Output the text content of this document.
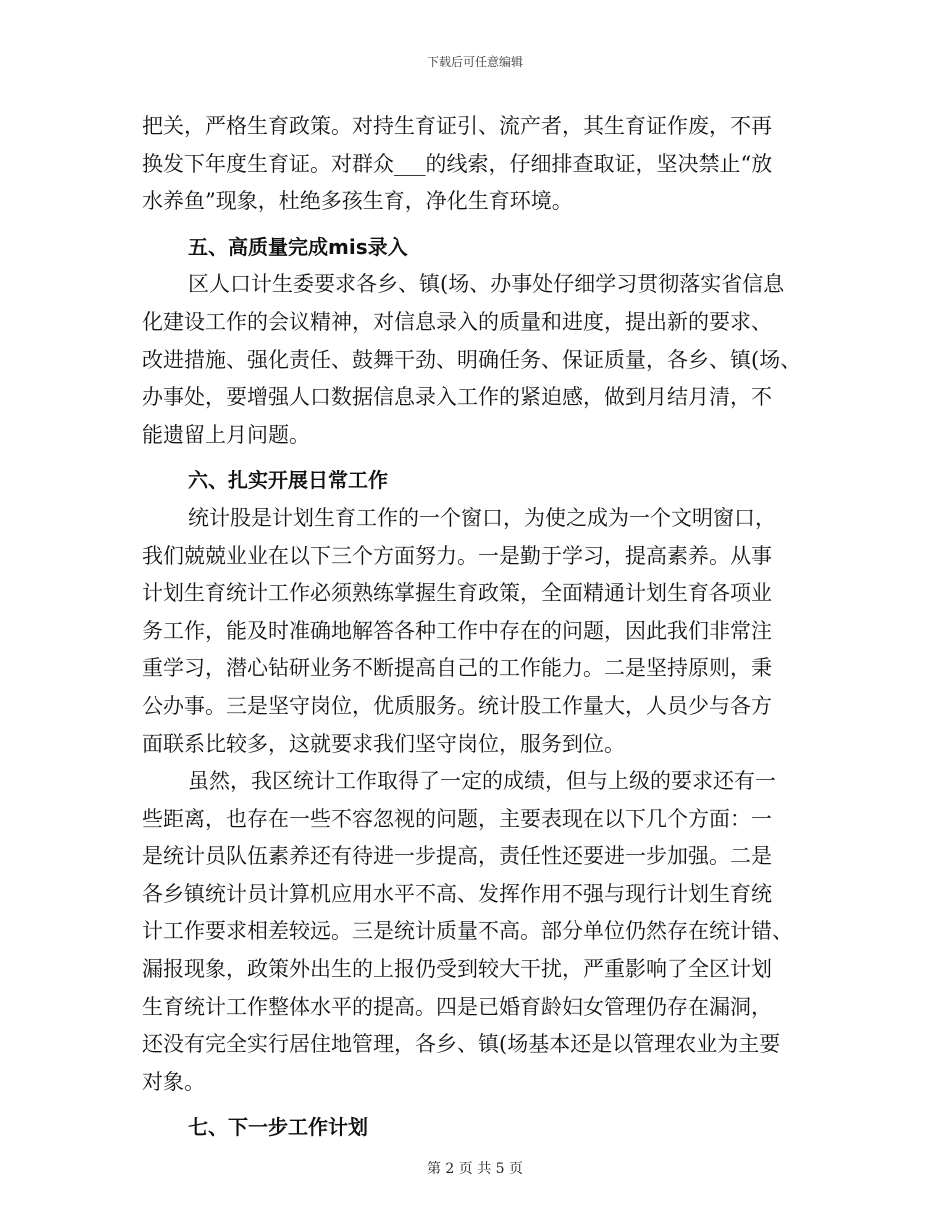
下载后可任意编辑
把关，严格生育政策。对持生育证引、流产者，其生育证作废，不再
换发下年度生育证。对群众___的线索，仔细排查取证，坚决禁止“放
水养鱼”现象，杜绝多孩生育，净化生育环境。
五、高质量完成mis录入
区人口计生委要求各乡、镇(场、办事处仔细学习贯彻落实省信息
化建设工作的会议精神，对信息录入的质量和进度，提出新的要求、
改进措施、强化责任、鼓舞干劲、明确任务、保证质量，各乡、镇(场、
办事处，要增强人口数据信息录入工作的紧迫感，做到月结月清，不
能遗留上月问题。
六、扎实开展日常工作
统计股是计划生育工作的一个窗口，为使之成为一个文明窗口，
我们兢兢业业在以下三个方面努力。一是勤于学习，提高素养。从事
计划生育统计工作必须熟练掌握生育政策，全面精通计划生育各项业
务工作，能及时准确地解答各种工作中存在的问题，因此我们非常注
重学习，潜心钻研业务不断提高自己的工作能力。二是坚持原则，秉
公办事。三是坚守岗位，优质服务。统计股工作量大，人员少与各方
面联系比较多，这就要求我们坚守岗位，服务到位。
虽然，我区统计工作取得了一定的成绩，但与上级的要求还有一
些距离，也存在一些不容忽视的问题，主要表现在以下几个方面：一
是统计员队伍素养还有待进一步提高，责任性还要进一步加强。二是
各乡镇统计员计算机应用水平不高、发挥作用不强与现行计划生育统
计工作要求相差较远。三是统计质量不高。部分单位仍然存在统计错、
漏报现象，政策外出生的上报仍受到较大干扰，严重影响了全区计划
生育统计工作整体水平的提高。四是已婚育龄妇女管理仍存在漏洞，
还没有完全实行居住地管理，各乡、镇(场基本还是以管理农业为主要
对象。
七、下一步工作计划
第 2 页 共 5 页
